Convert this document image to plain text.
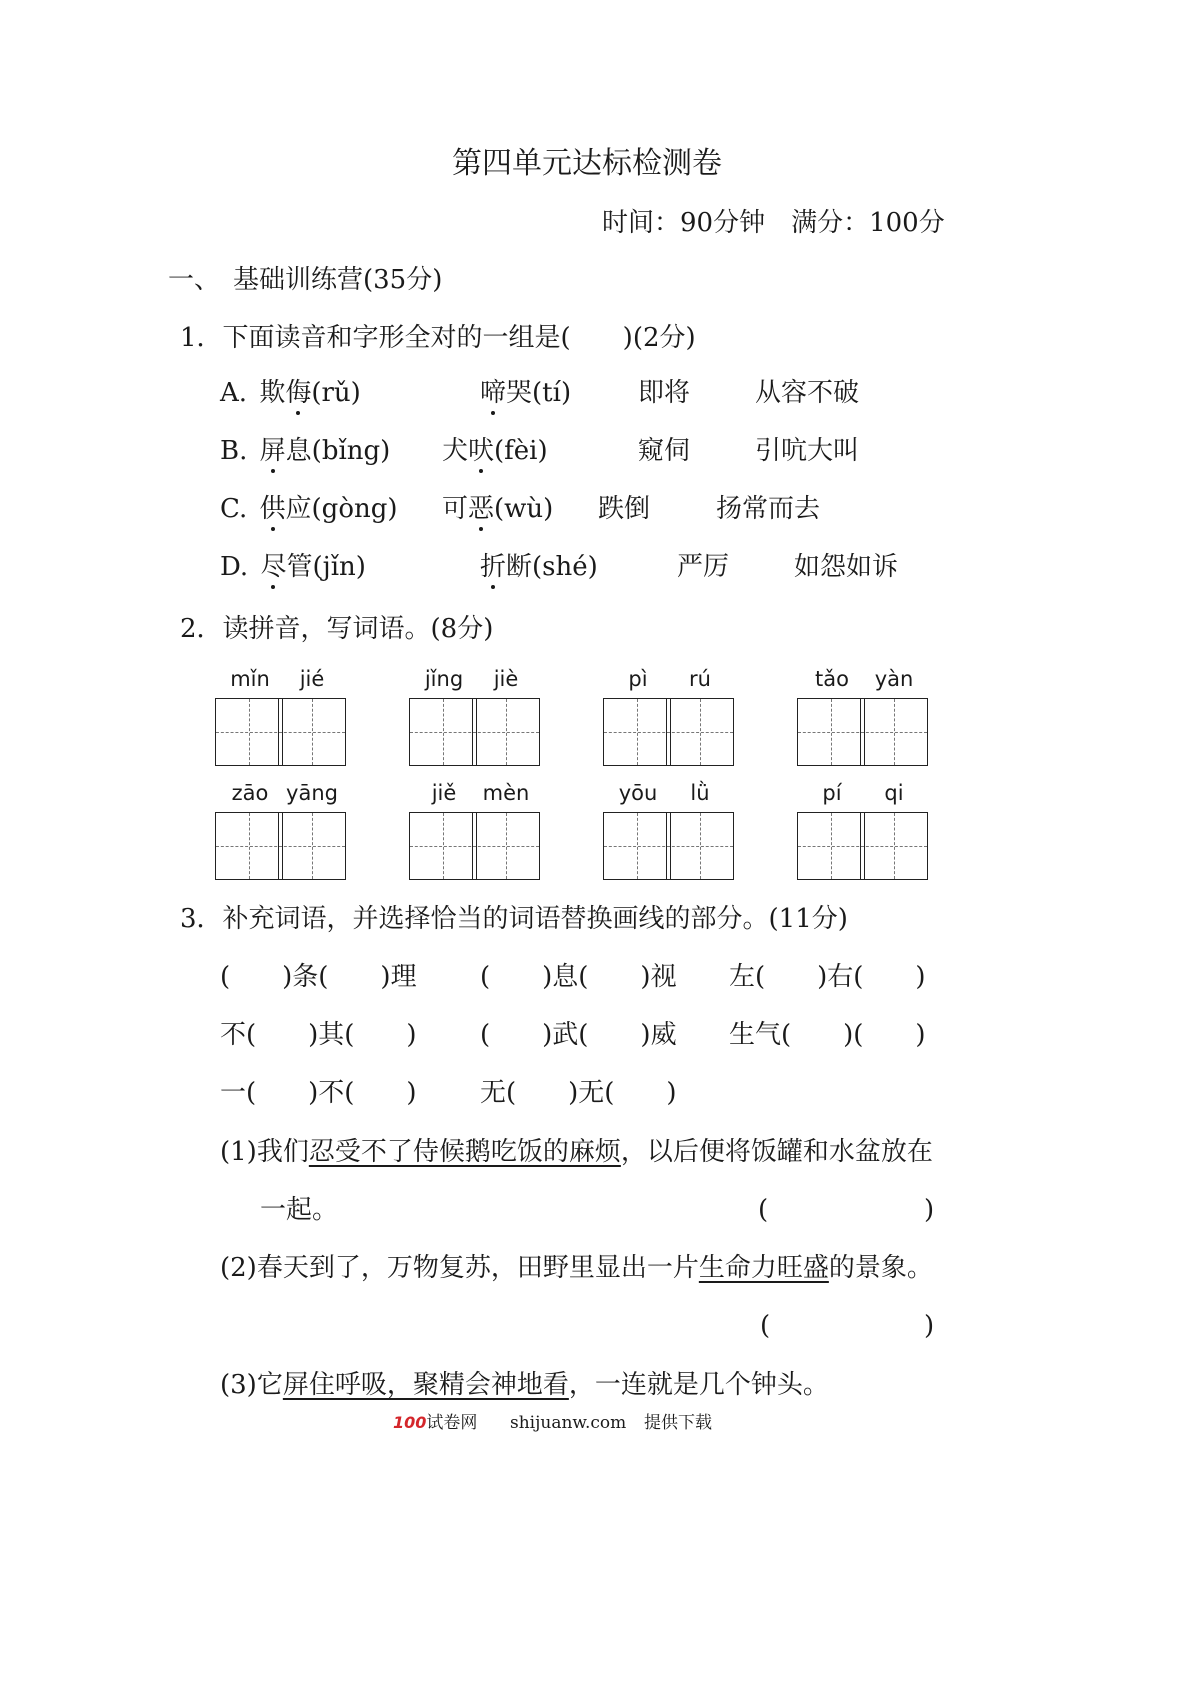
第四单元达标检测卷
时间：90分钟　满分：100分
一、 基础训练营(35分)
1．下面读音和字形全对的一组是(　　)(2分)
A. 欺侮(rǔ)	啼哭(tí)	即将 从容不破
B. 屏息(bǐng) 犬吠(fèi)	窥伺 引吭大叫
C. 供应(gòng) 可恶(wù) 跌倒	扬常而去
D. 尽管(jǐn)	折断(shé)	严厉 如怨如诉
2．读拼音，写词语。(8分)
mǐn	jié	jǐng	jiè	pì	rú	tǎo	yàn
zāo yāng	jiě	mèn	yōu	lǜ	pí	qi
3．补充词语，并选择恰当的词语替换画线的部分。(11分)
(　　)条(　　)理 (　　)息(　　)视 左(　　)右(　　)
不(　　)其(　　) (　　)武(　　)威 生气(　　)(　　)
一(　　)不(　　) 无(　　)无(　　)
(1)我们忍受不了侍候鹅吃饭的麻烦，以后便将饭罐和水盆放在
一起。	(	)
(2)春天到了，万物复苏，田野里显出一片生命力旺盛的景象。
(	)
(3)它屏住呼吸，聚精会神地看，一连就是几个钟头。
100试卷网 shijuanw.com 提供下载
